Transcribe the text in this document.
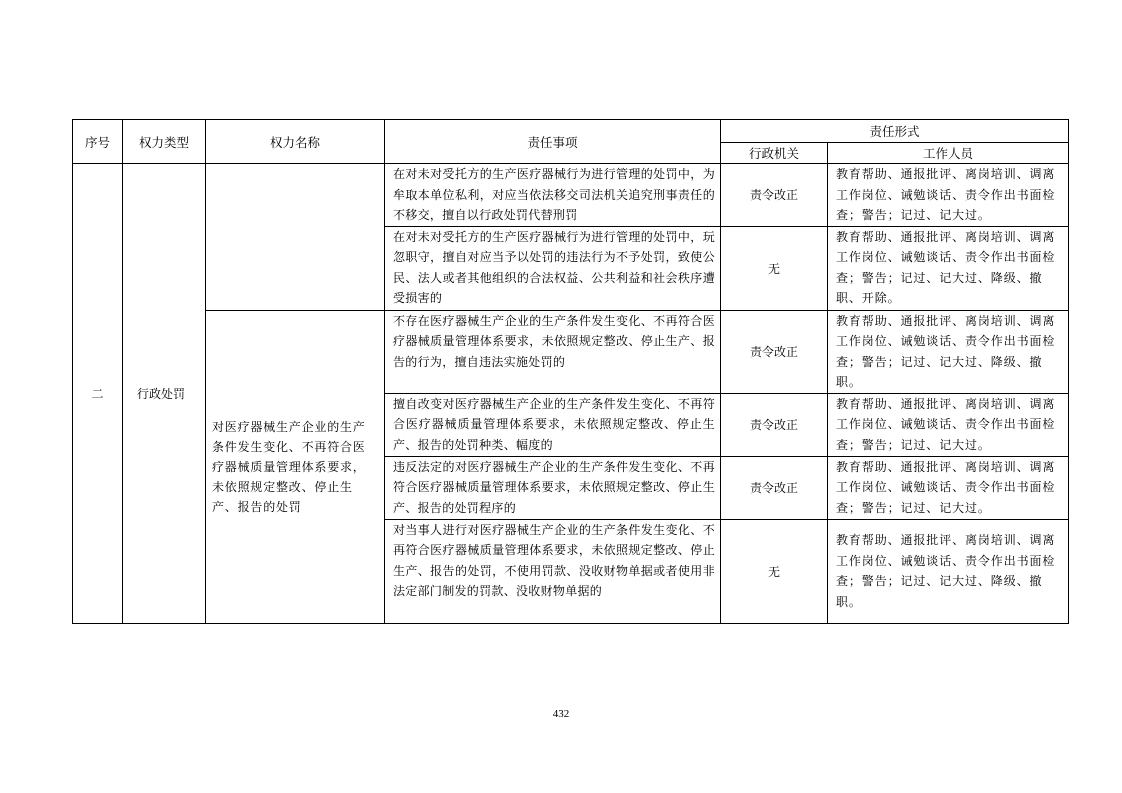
序号	权力类型	权力名称	责任事项	责任形式	
				行政机关	工作人员
二	行政处罚		在对未对受托方的生产医疗器械行为进行管理的处罚中，为牟取本单位私利，对应当依法移交司法机关追究刑事责任的不移交，擅自以行政处罚代替刑罚	责令改正	教育帮助、通报批评、离岗培训、调离工作岗位、诫勉谈话、责令作出书面检查；警告；记过、记大过。
			在对未对受托方的生产医疗器械行为进行管理的处罚中，玩忽职守，擅自对应当予以处罚的违法行为不予处罚，致使公民、法人或者其他组织的合法权益、公共利益和社会秩序遭受损害的	无	教育帮助、通报批评、离岗培训、调离工作岗位、诫勉谈话、责令作出书面检查；警告；记过、记大过、降级、撤职、开除。
		对医疗器械生产企业的生产条件发生变化、不再符合医疗器械质量管理体系要求，未依照规定整改、停止生产、报告的处罚	不存在医疗器械生产企业的生产条件发生变化、不再符合医疗器械质量管理体系要求，未依照规定整改、停止生产、报告的行为，擅自违法实施处罚的	责令改正	教育帮助、通报批评、离岗培训、调离工作岗位、诫勉谈话、责令作出书面检查；警告；记过、记大过、降级、撤职。
			擅自改变对医疗器械生产企业的生产条件发生变化、不再符合医疗器械质量管理体系要求，未依照规定整改、停止生产、报告的处罚种类、幅度的	责令改正	教育帮助、通报批评、离岗培训、调离工作岗位、诫勉谈话、责令作出书面检查；警告；记过、记大过。
			违反法定的对医疗器械生产企业的生产条件发生变化、不再符合医疗器械质量管理体系要求，未依照规定整改、停止生产、报告的处罚程序的	责令改正	教育帮助、通报批评、离岗培训、调离工作岗位、诫勉谈话、责令作出书面检查；警告；记过、记大过。
			对当事人进行对医疗器械生产企业的生产条件发生变化、不再符合医疗器械质量管理体系要求，未依照规定整改、停止生产、报告的处罚，不使用罚款、没收财物单据或者使用非法定部门制发的罚款、没收财物单据的	无	教育帮助、通报批评、离岗培训、调离工作岗位、诫勉谈话、责令作出书面检查；警告；记过、记大过、降级、撤职。
432
